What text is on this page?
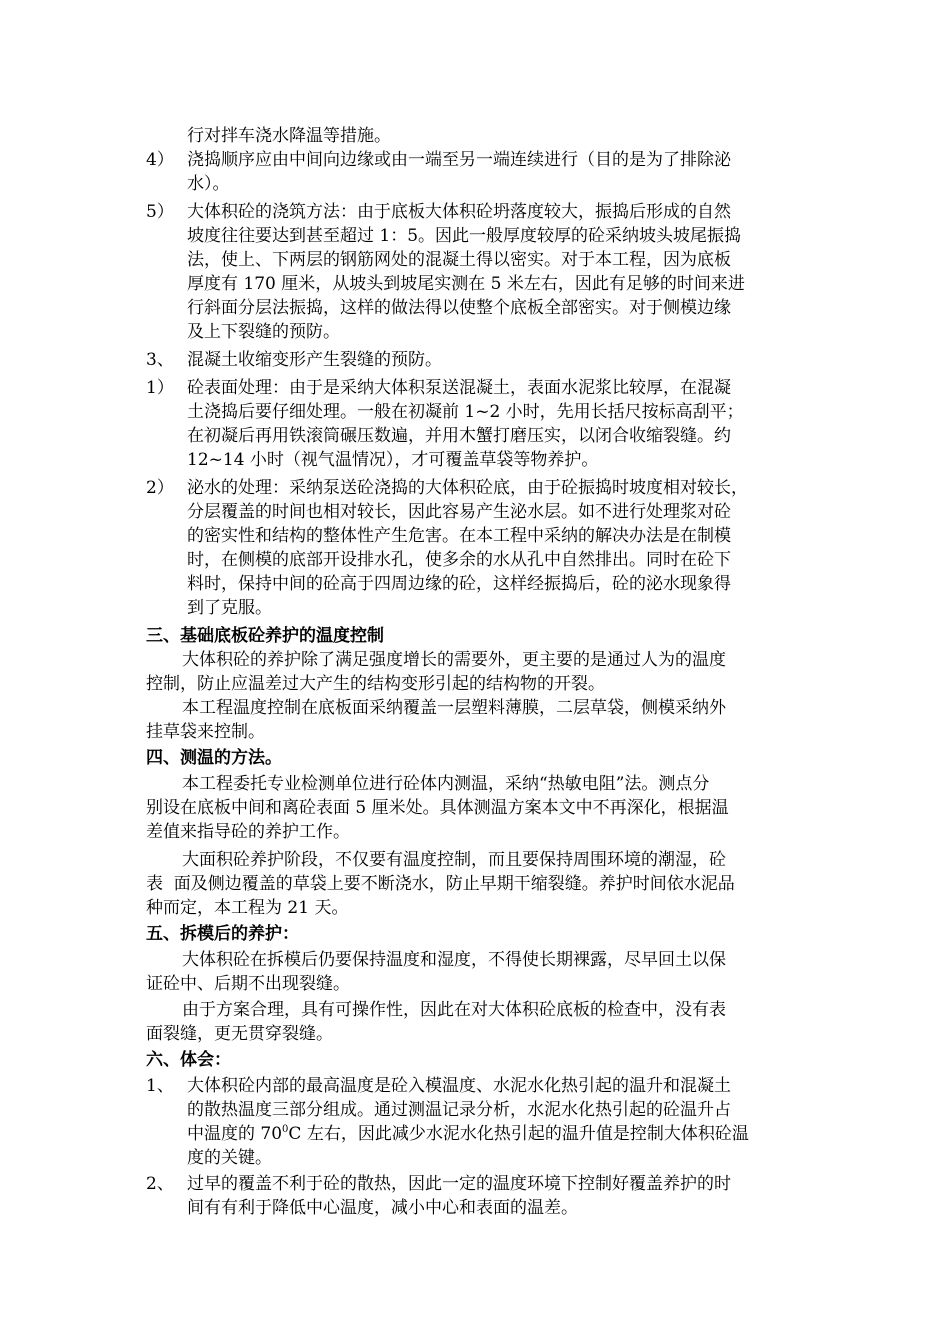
行对拌车浇水降温等措施。
4） 浇捣顺序应由中间向边缘或由一端至另一端连续进行（目的是为了排除泌
水）。
5） 大体积砼的浇筑方法：由于底板大体积砼坍落度较大，振捣后形成的自然
坡度往往要达到甚至超过 1：5。因此一般厚度较厚的砼采纳坡头坡尾振捣
法，使上、下两层的钢筋网处的混凝土得以密实。对于本工程，因为底板
厚度有 170 厘米，从坡头到坡尾实测在 5 米左右，因此有足够的时间来进
行斜面分层法振捣，这样的做法得以使整个底板全部密实。对于侧模边缘
及上下裂缝的预防。
3、 混凝土收缩变形产生裂缝的预防。
1） 砼表面处理：由于是采纳大体积泵送混凝土，表面水泥浆比较厚，在混凝
土浇捣后要仔细处理。一般在初凝前 1~2 小时，先用长括尺按标高刮平；
在初凝后再用铁滚筒碾压数遍，并用木蟹打磨压实，以闭合收缩裂缝。约
12~14 小时（视气温情况），才可覆盖草袋等物养护。
2） 泌水的处理：采纳泵送砼浇捣的大体积砼底，由于砼振捣时坡度相对较长，
分层覆盖的时间也相对较长，因此容易产生泌水层。如不进行处理浆对砼
的密实性和结构的整体性产生危害。在本工程中采纳的解决办法是在制模
时，在侧模的底部开设排水孔，使多余的水从孔中自然排出。同时在砼下
料时，保持中间的砼高于四周边缘的砼，这样经振捣后，砼的泌水现象得
到了克服。
三、基础底板砼养护的温度控制
大体积砼的养护除了满足强度增长的需要外，更主要的是通过人为的温度
控制，防止应温差过大产生的结构变形引起的结构物的开裂。
本工程温度控制在底板面采纳覆盖一层塑料薄膜，二层草袋，侧模采纳外
挂草袋来控制。
四、测温的方法。
本工程委托专业检测单位进行砼体内测温，采纳“热敏电阻”法。测点分
别设在底板中间和离砼表面 5 厘米处。具体测温方案本文中不再深化，根据温
差值来指导砼的养护工作。
大面积砼养护阶段，不仅要有温度控制，而且要保持周围环境的潮湿，砼
表  面及侧边覆盖的草袋上要不断浇水，防止早期干缩裂缝。养护时间依水泥品
种而定，本工程为 21 天。
五、拆模后的养护：
大体积砼在拆模后仍要保持温度和湿度，不得使长期裸露，尽早回土以保
证砼中、后期不出现裂缝。
由于方案合理，具有可操作性，因此在对大体积砼底板的检查中，没有表
面裂缝，更无贯穿裂缝。
六、体会：
1、 大体积砼内部的最高温度是砼入模温度、水泥水化热引起的温升和混凝土
的散热温度三部分组成。通过测温记录分析，水泥水化热引起的砼温升占
中温度的 $70^0C$ 左右，因此减少水泥水化热引起的温升值是控制大体积砼温
度的关键。
2、 过早的覆盖不利于砼的散热，因此一定的温度环境下控制好覆盖养护的时
间有有利于降低中心温度，减小中心和表面的温差。
